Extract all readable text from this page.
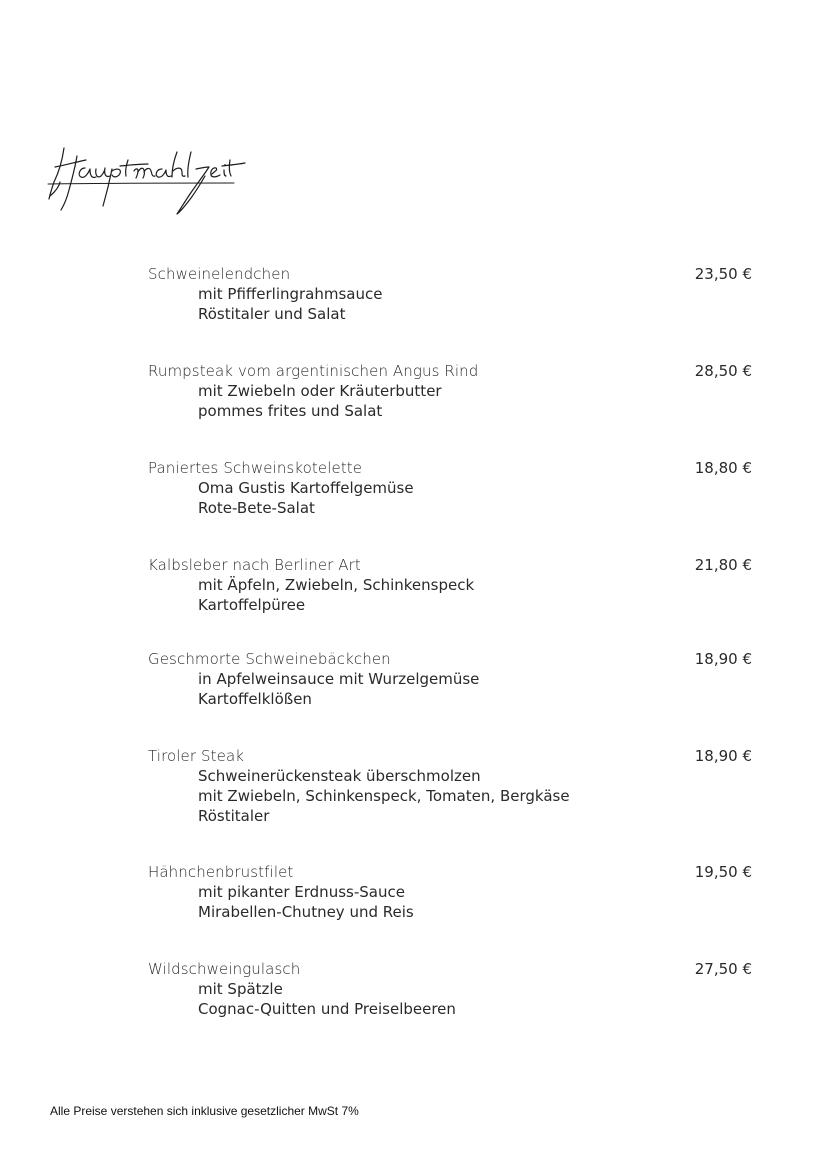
Schweinelendchen	23,50 €
mit Pfifferlingrahmsauce
Röstitaler und Salat
Rumpsteak vom argentinischen Angus Rind	28,50 €
mit Zwiebeln oder Kräuterbutter
pommes frites und Salat
Paniertes Schweinskotelette	18,80 €
Oma Gustis Kartoffelgemüse
Rote-Bete-Salat
Kalbsleber nach Berliner Art	21,80 €
mit Äpfeln, Zwiebeln, Schinkenspeck
Kartoffelpüree
Geschmorte Schweinebäckchen	18,90 €
in Apfelweinsauce mit Wurzelgemüse
Kartoffelklößen
Tiroler Steak	18,90 €
Schweinerückensteak überschmolzen
mit Zwiebeln, Schinkenspeck, Tomaten, Bergkäse
Röstitaler
Hähnchenbrustfilet	19,50 €
mit pikanter Erdnuss-Sauce
Mirabellen-Chutney und Reis
Wildschweingulasch	27,50 €
mit Spätzle
Cognac-Quitten und Preiselbeeren
Alle Preise verstehen sich inklusive gesetzlicher MwSt 7%
